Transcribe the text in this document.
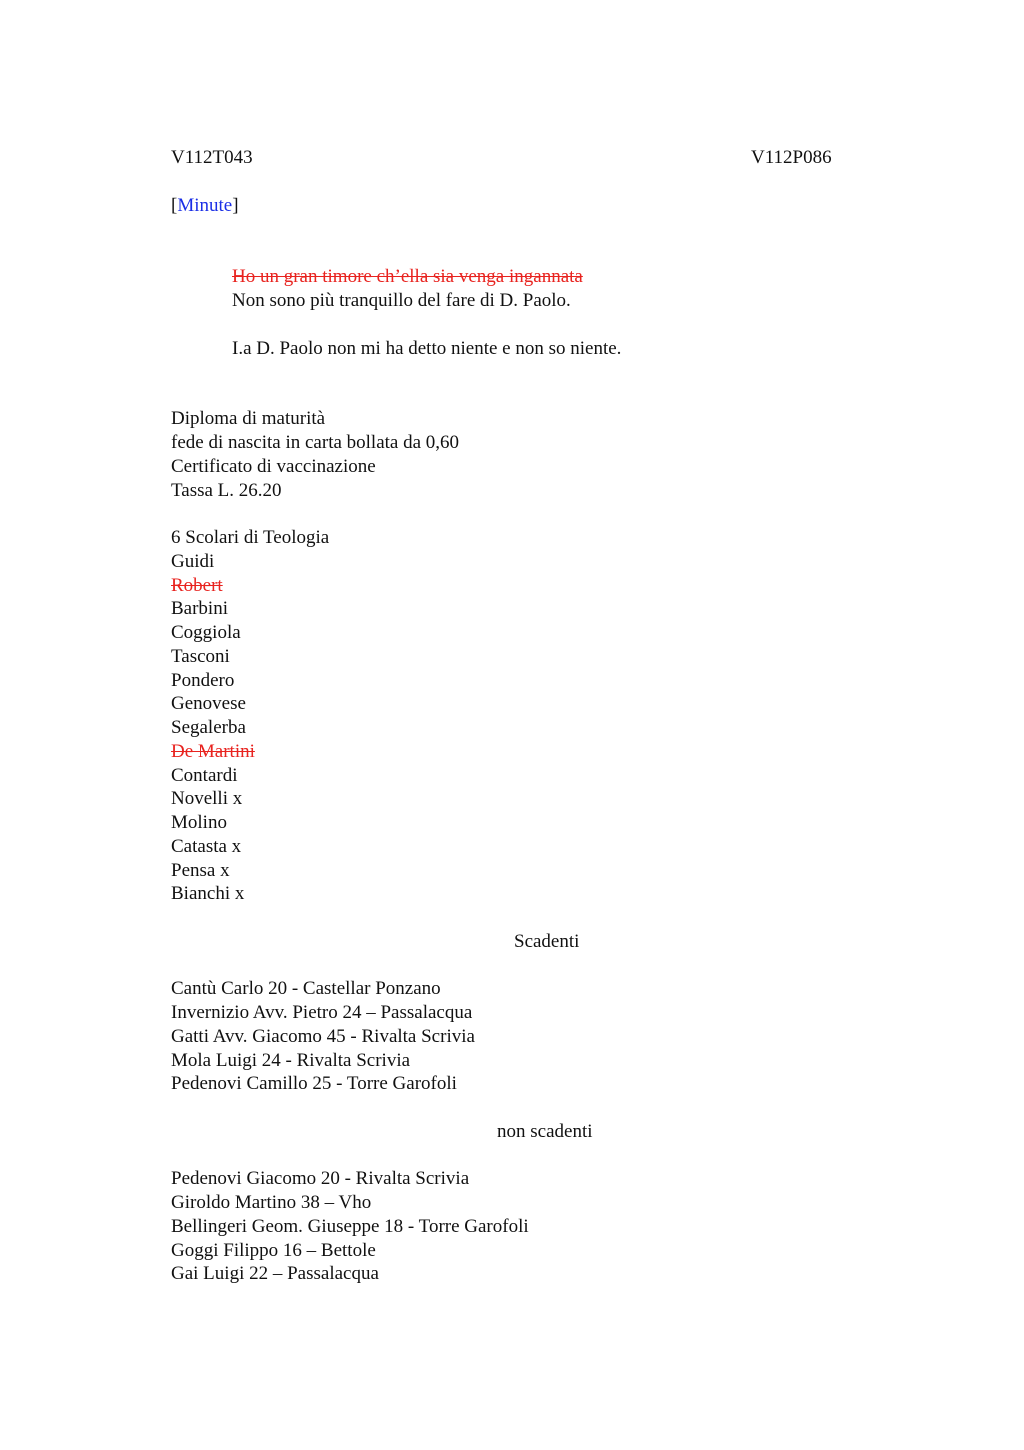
V112T043	V112P086

[Minute]

Ho un gran timore ch’ella sia venga ingannata

Non sono più tranquillo del fare di D. Paolo.

I.a D. Paolo non mi ha detto niente e non so niente.

Diploma di maturità

fede di nascita in carta bollata da 0,60

Certificato di vaccinazione

Tassa L. 26.20

6 Scolari di Teologia

Guidi

Robert

Barbini

Coggiola

Tasconi

Pondero

Genovese

Segalerba

De Martini

Contardi

Novelli x

Molino

Catasta x

Pensa x

Bianchi x

Scadenti

Cantù Carlo 20 - Castellar Ponzano

Invernizio Avv. Pietro 24 – Passalacqua

Gatti Avv. Giacomo 45 - Rivalta Scrivia

Mola Luigi 24 - Rivalta Scrivia

Pedenovi Camillo 25 - Torre Garofoli

non scadenti

Pedenovi Giacomo 20 - Rivalta Scrivia

Giroldo Martino 38 – Vho

Bellingeri Geom. Giuseppe 18 - Torre Garofoli

Goggi Filippo 16 – Bettole

Gai Luigi 22 – Passalacqua
